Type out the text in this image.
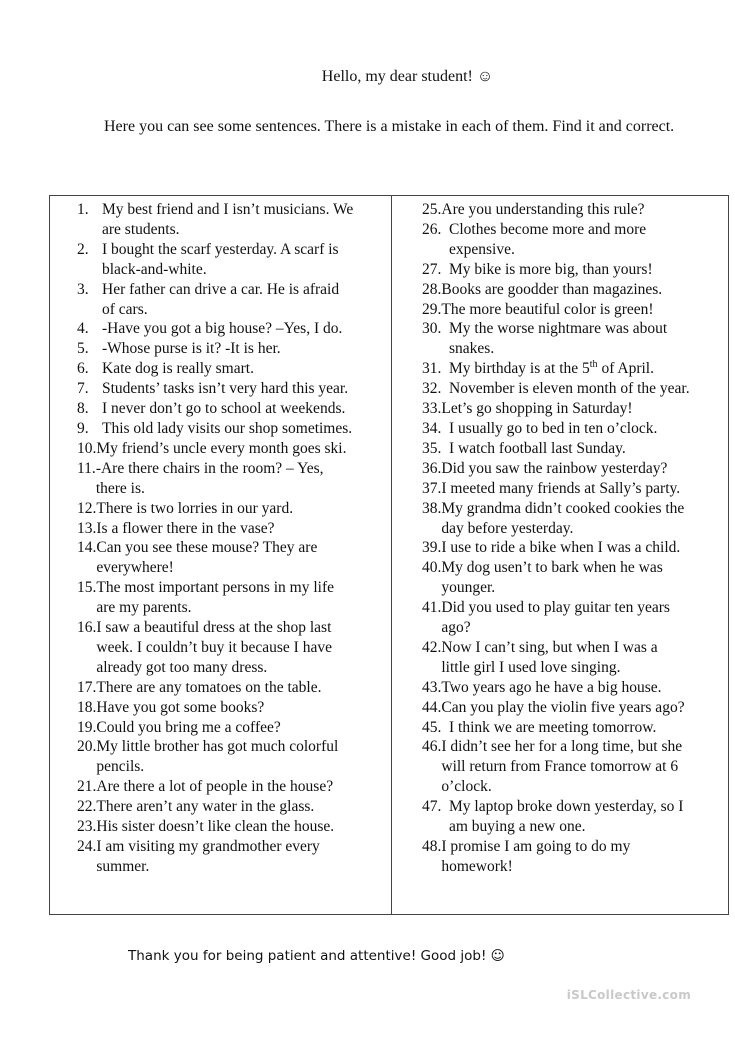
Hello, my dear student! ☺
Here you can see some sentences. There is a mistake in each of them. Find it and correct.
1. My best friend and I isn’t musicians. We
are students.
2. I bought the scarf yesterday. A scarf is
black-and-white.
3. Her father can drive a car. He is afraid
of cars.
4. -Have you got a big house? –Yes, I do.
5. -Whose purse is it? -It is her.
6. Kate dog is really smart.
7. Students’ tasks isn’t very hard this year.
8. I never don’t go to school at weekends.
9. This old lady visits our shop sometimes.
10. My friend’s uncle every month goes ski.
11. -Are there chairs in the room? – Yes,
there is.
12. There is two lorries in our yard.
13. Is a flower there in the vase?
14. Can you see these mouse? They are
everywhere!
15. The most important persons in my life
are my parents.
16. I saw a beautiful dress at the shop last
week. I couldn’t buy it because I have
already got too many dress.
17. There are any tomatoes on the table.
18. Have you got some books?
19. Could you bring me a coffee?
20. My little brother has got much colorful
pencils.
21. Are there a lot of people in the house?
22. There aren’t any water in the glass.
23. His sister doesn’t like clean the house.
24. I am visiting my grandmother every
summer.
25. Are you understanding this rule?
26. Clothes become more and more
expensive.
27. My bike is more big, than yours!
28. Books are goodder than magazines.
29. The more beautiful color is green!
30. My the worse nightmare was about
snakes.
31. My birthday is at the 5th of April.
32. November is eleven month of the year.
33. Let’s go shopping in Saturday!
34. I usually go to bed in ten o’clock.
35. I watch football last Sunday.
36. Did you saw the rainbow yesterday?
37. I meeted many friends at Sally’s party.
38. My grandma didn’t cooked cookies the
day before yesterday.
39. I use to ride a bike when I was a child.
40. My dog usen’t to bark when he was
younger.
41. Did you used to play guitar ten years
ago?
42. Now I can’t sing, but when I was a
little girl I used love singing.
43. Two years ago he have a big house.
44. Can you play the violin five years ago?
45. I think we are meeting tomorrow.
46. I didn’t see her for a long time, but she
will return from France tomorrow at 6
o’clock.
47. My laptop broke down yesterday, so I
am buying a new one.
48. I promise I am going to do my
homework!
Thank you for being patient and attentive! Good job! ☺
iSLCollective.com
